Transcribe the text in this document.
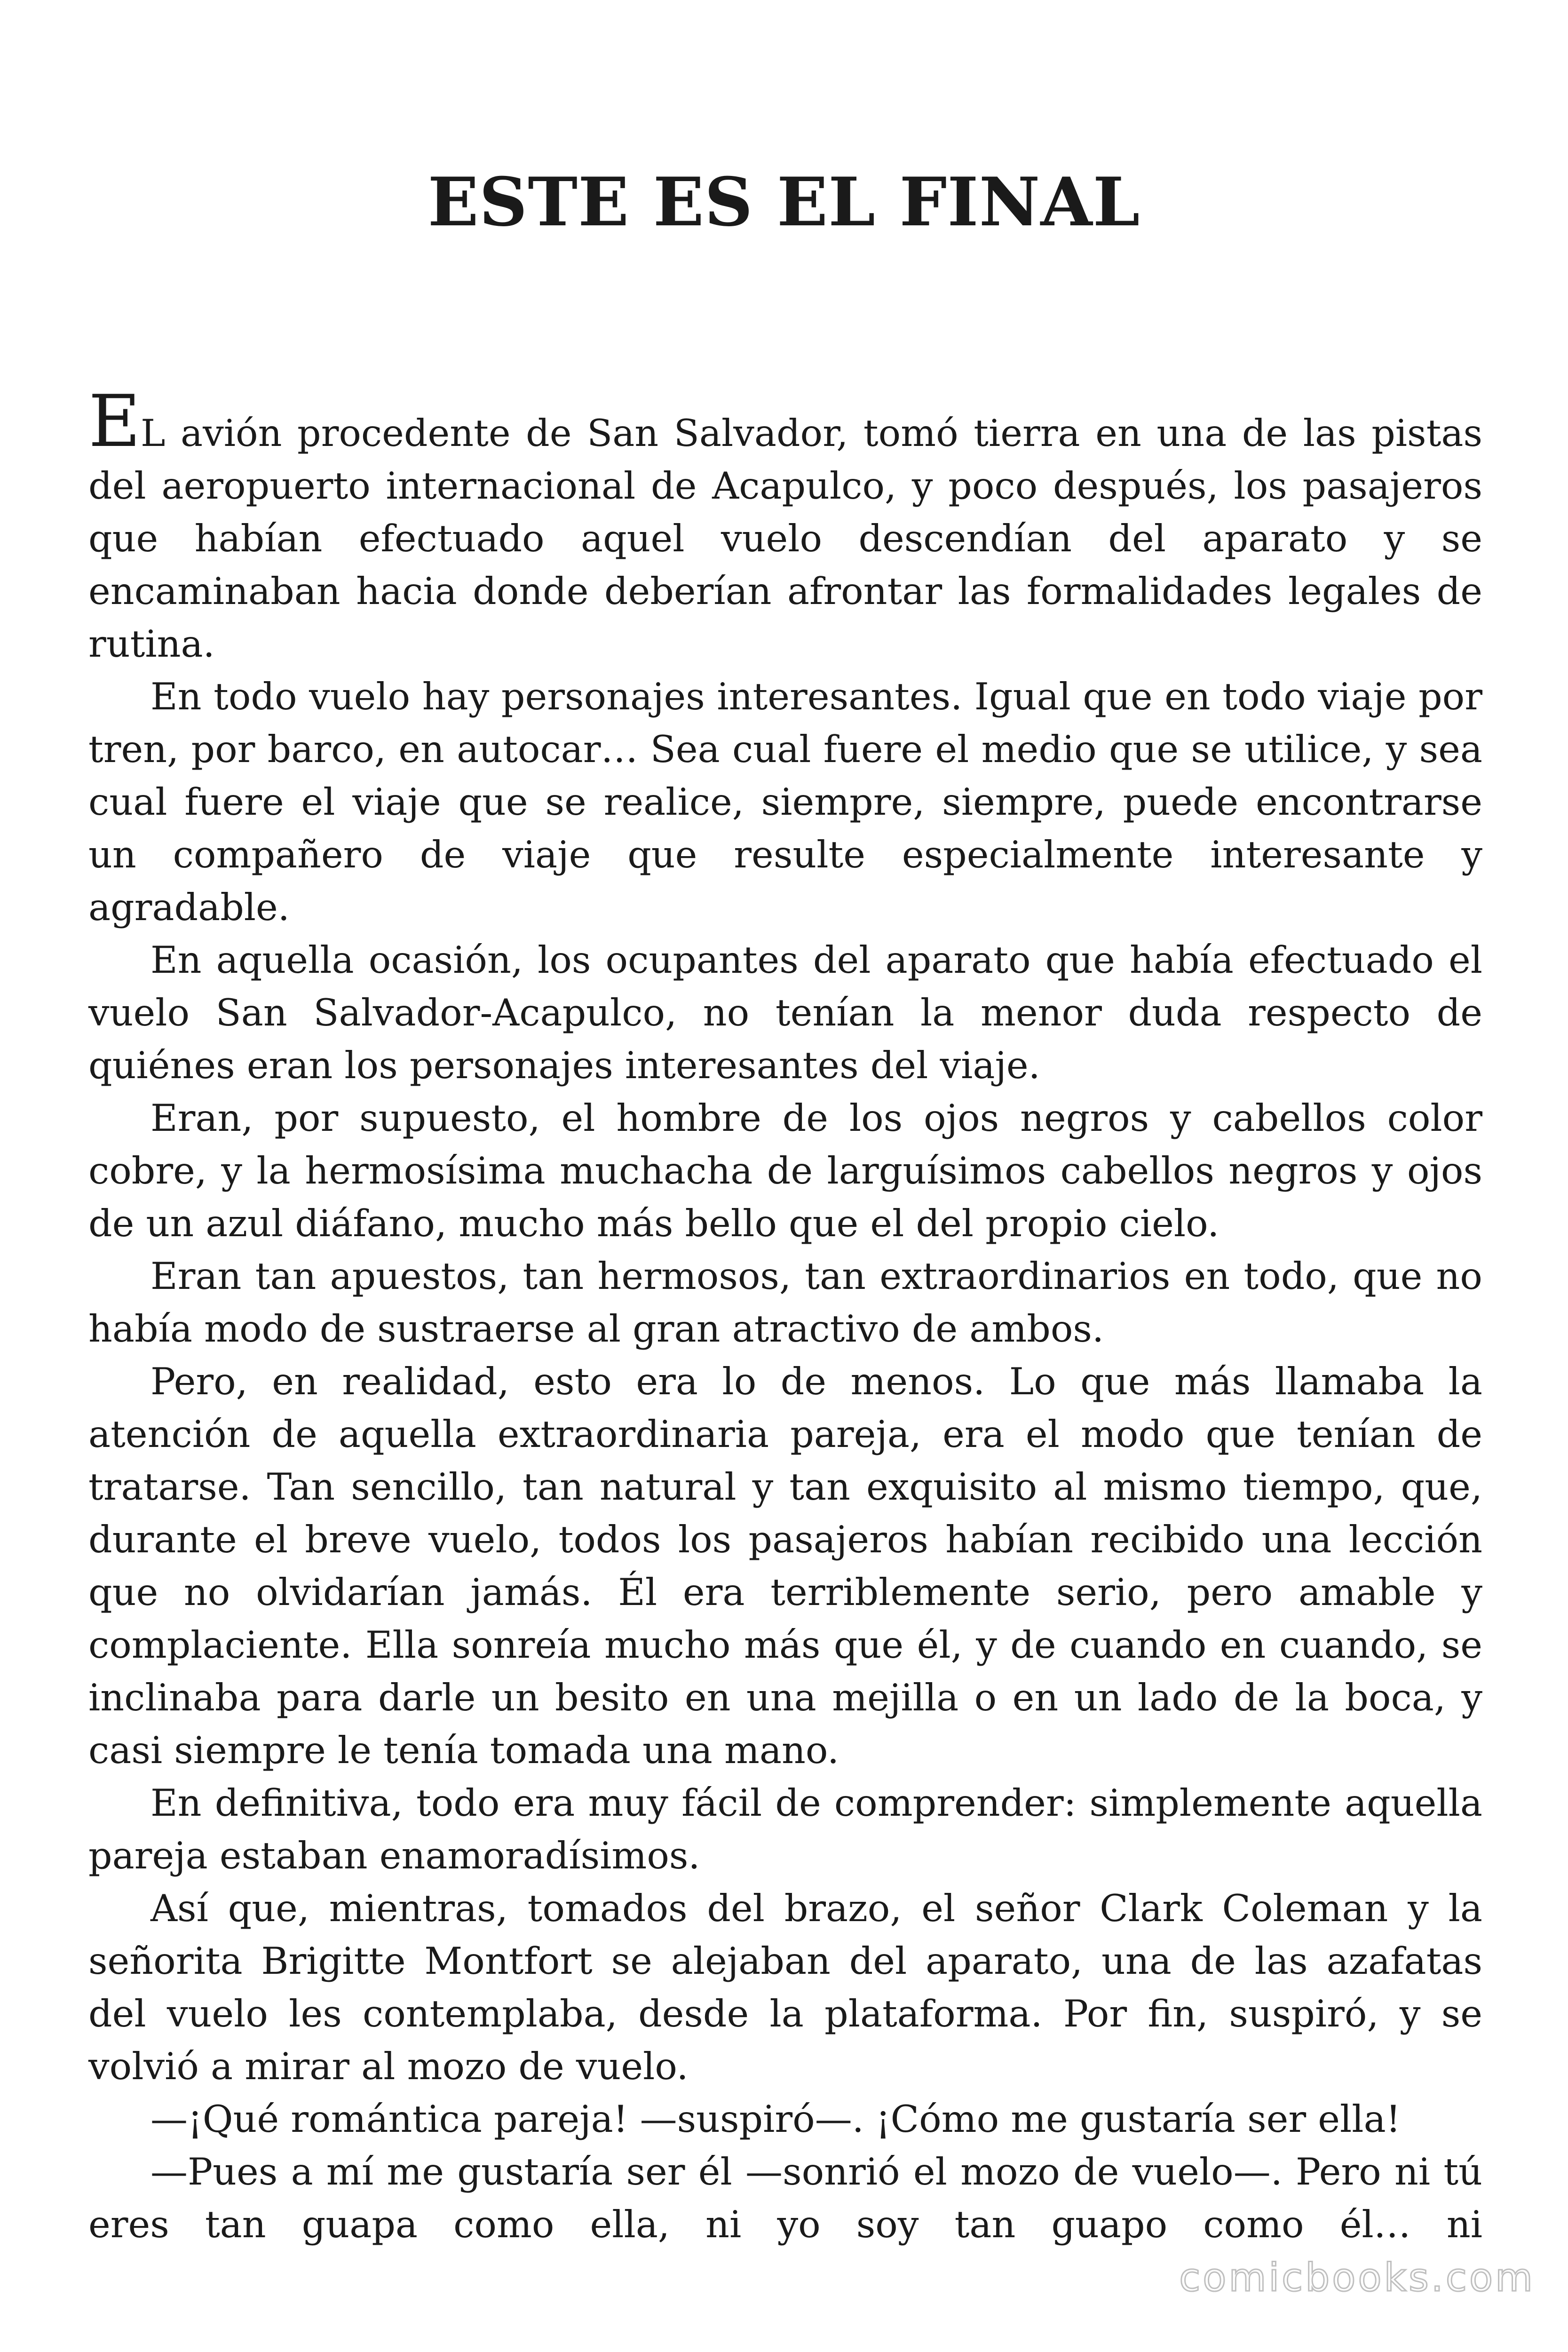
ESTE ES EL FINAL

EL avión procedente de San Salvador, tomó tierra en una de las pistas del aeropuerto internacional de Acapulco, y poco después, los pasajeros que habían efectuado aquel vuelo descendían del aparato y se encaminaban hacia donde deberían afrontar las formalidades legales de rutina.

En todo vuelo hay personajes interesantes. Igual que en todo viaje por tren, por barco, en autocar… Sea cual fuere el medio que se utilice, y sea cual fuere el viaje que se realice, siempre, siempre, puede encontrarse un compañero de viaje que resulte especialmente interesante y agradable.

En aquella ocasión, los ocupantes del aparato que había efectuado el vuelo San Salvador-Acapulco, no tenían la menor duda respecto de quiénes eran los personajes interesantes del viaje.

Eran, por supuesto, el hombre de los ojos negros y cabellos color cobre, y la hermosísima muchacha de larguísimos cabellos negros y ojos de un azul diáfano, mucho más bello que el del propio cielo.

Eran tan apuestos, tan hermosos, tan extraordinarios en todo, que no había modo de sustraerse al gran atractivo de ambos.

Pero, en realidad, esto era lo de menos. Lo que más llamaba la atención de aquella extraordinaria pareja, era el modo que tenían de tratarse. Tan sencillo, tan natural y tan exquisito al mismo tiempo, que, durante el breve vuelo, todos los pasajeros habían recibido una lección que no olvidarían jamás. Él era terriblemente serio, pero amable y complaciente. Ella sonreía mucho más que él, y de cuando en cuando, se inclinaba para darle un besito en una mejilla o en un lado de la boca, y casi siempre le tenía tomada una mano.

En definitiva, todo era muy fácil de comprender: simplemente aquella pareja estaban enamoradísimos.

Así que, mientras, tomados del brazo, el señor Clark Coleman y la señorita Brigitte Montfort se alejaban del aparato, una de las azafatas del vuelo les contemplaba, desde la plataforma. Por fin, suspiró, y se volvió a mirar al mozo de vuelo.

—¡Qué romántica pareja! —suspiró—. ¡Cómo me gustaría ser ella!

—Pues a mí me gustaría ser él —sonrió el mozo de vuelo—. Pero ni tú eres tan guapa como ella, ni yo soy tan guapo como él… ni

comicbooks.com
